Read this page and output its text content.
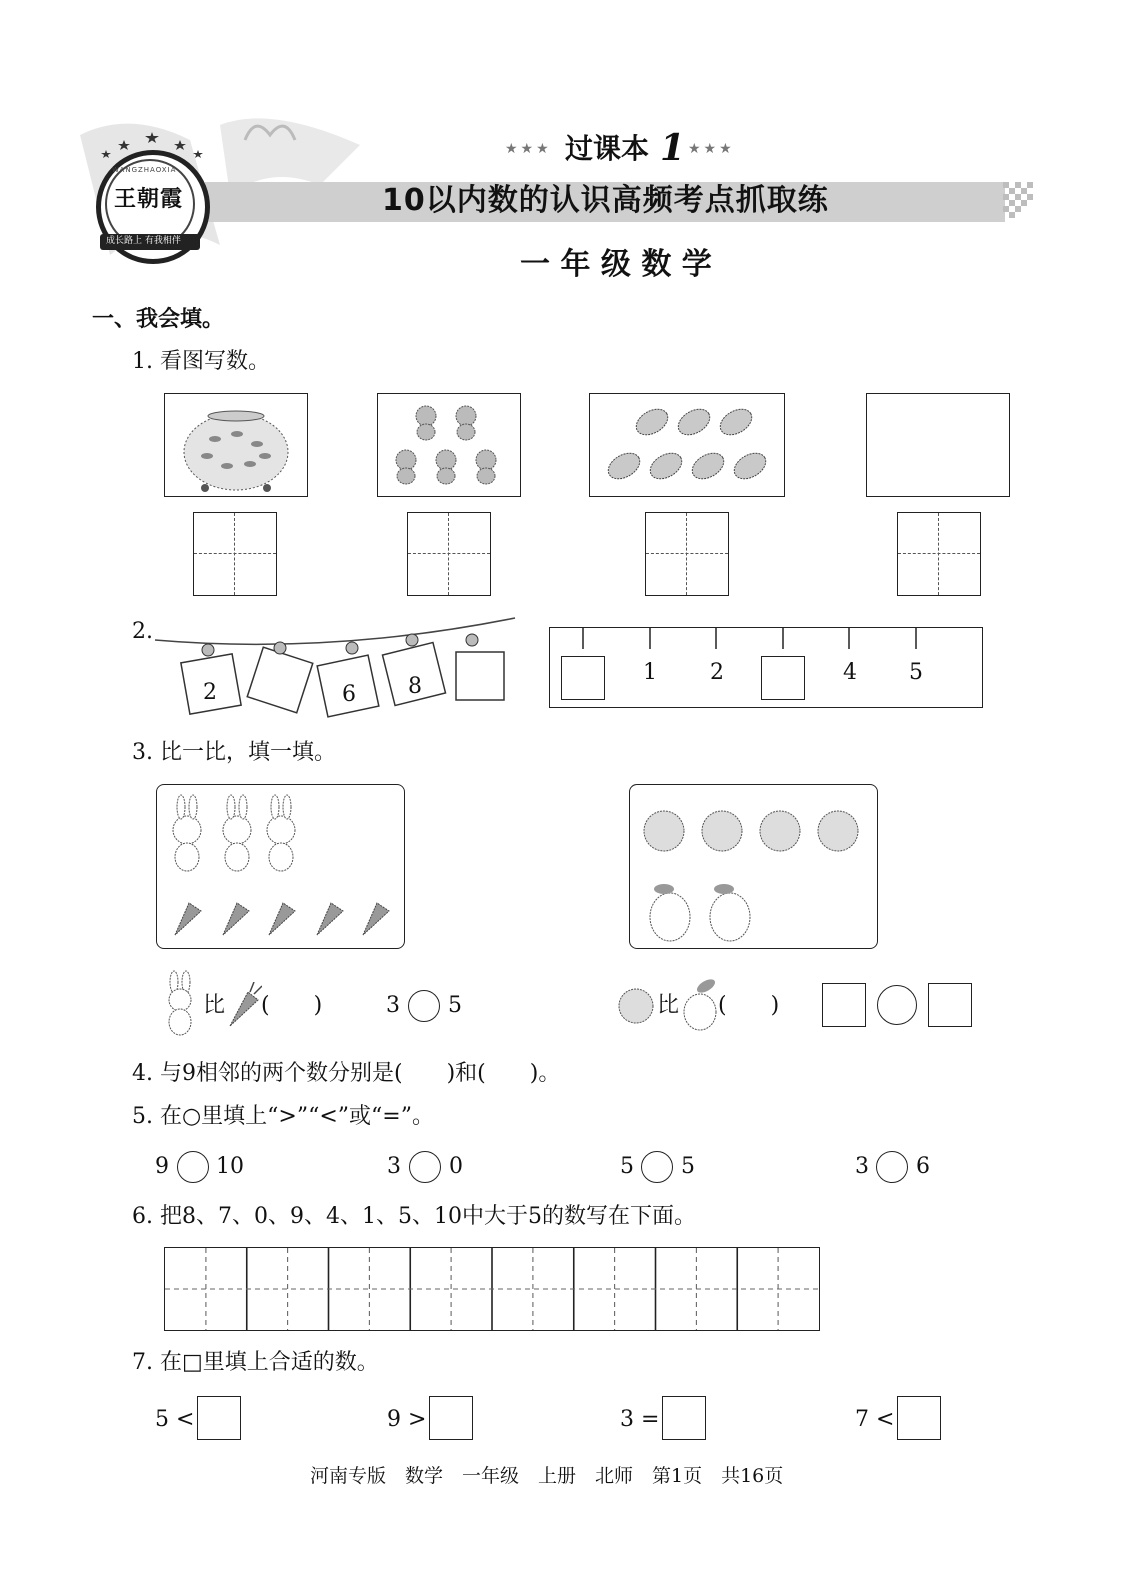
WANGZHAOXIA
王朝霞
成长路上 有我相伴
★★★ 过课本 1 ★★★
10以内数的认识高频考点抓取练
一 年 级 数 学
一、我会填。
1. 看图写数。
2.
2	6 8
1 2	4 5
3. 比一比，填一填。
比 (　　)	3 5	比 (　　)
4. 与9相邻的两个数分别是(　　)和(　　)。
5. 在○里填上“>”“<”或“=”。
9 10	3 0	5 5	3 6
6. 把8、7、0、9、4、1、5、10中大于5的数写在下面。
7. 在□里填上合适的数。
5 <	9 >	3 =	7 <
河南专版　数学　一年级　上册　北师　第1页　共16页
